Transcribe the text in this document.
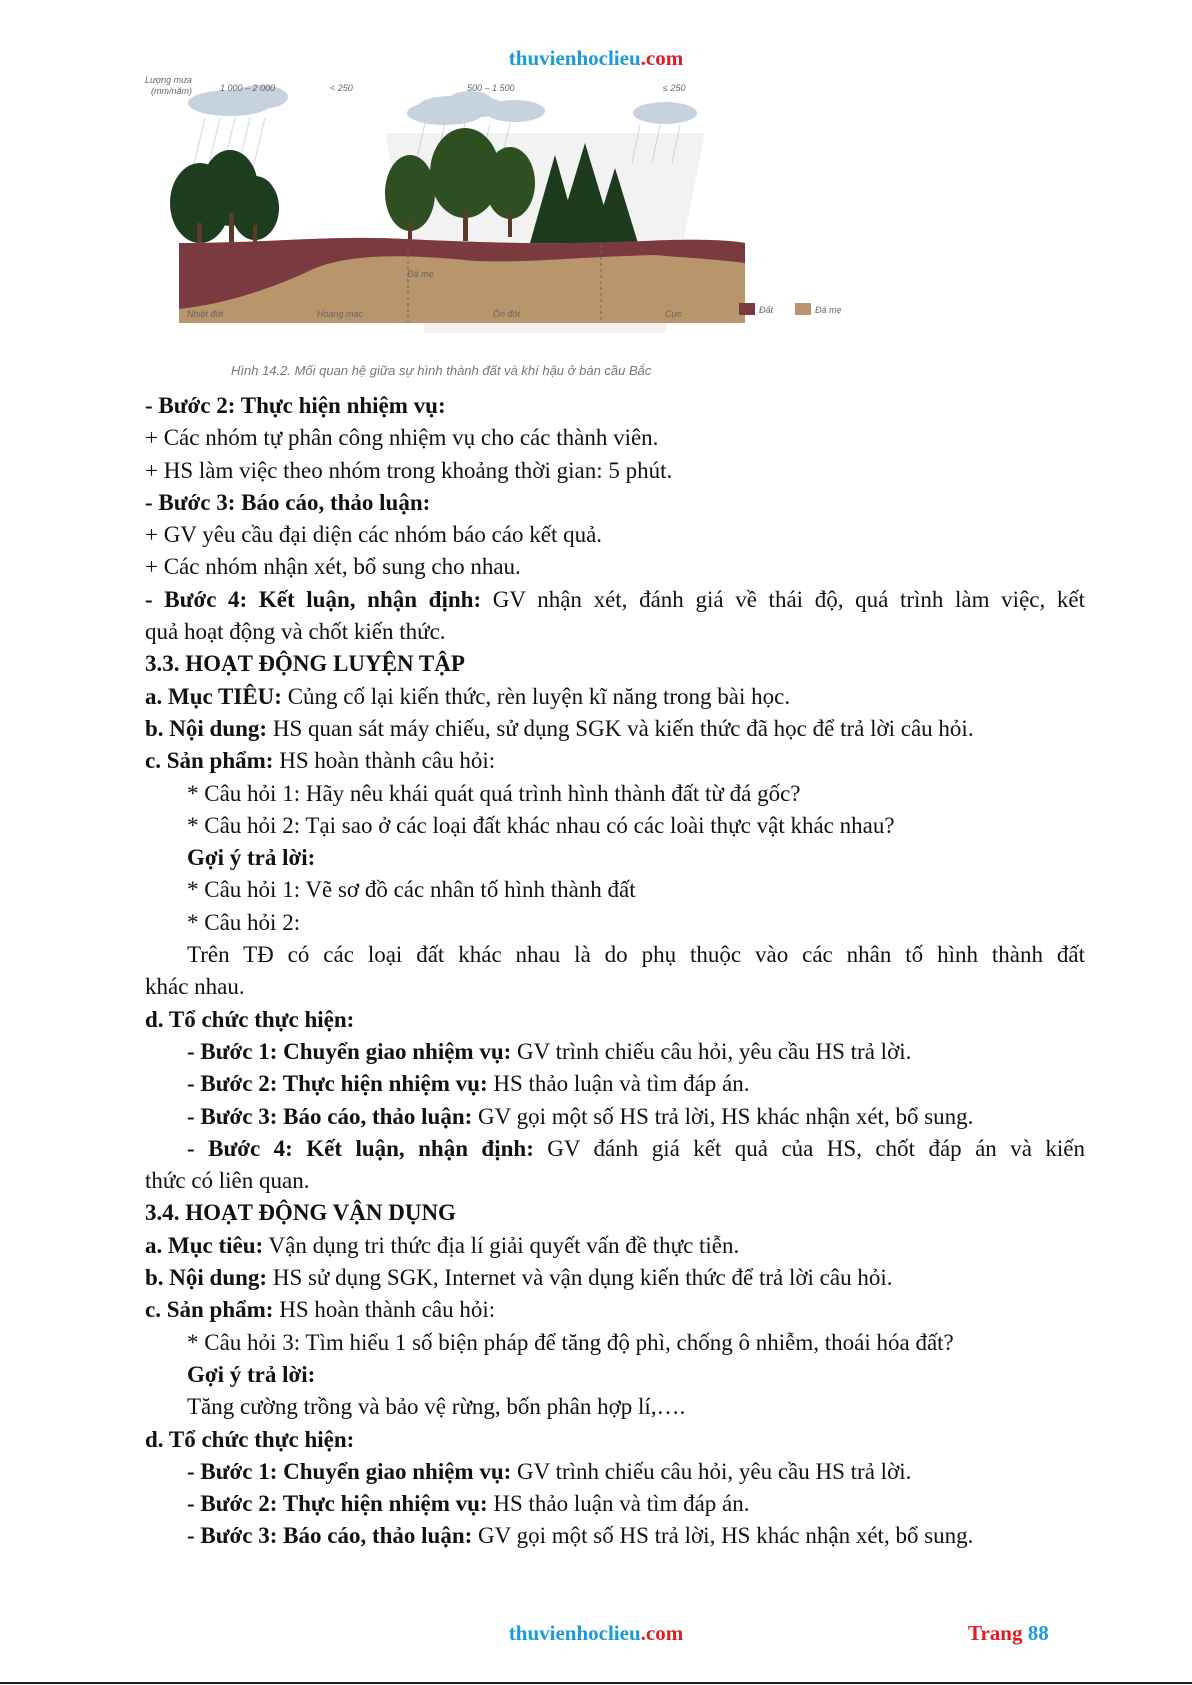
thuvienhoclieu.com
Lượng mưa
(mm/năm)	1 000 – 2 000	< 250	500 – 1 500	≤ 250
Đá mẹ
Nhiệt đới	Hoang mạc	Ôn đới	Cực	Đất	Đá mẹ
Hình 14.2. Mối quan hệ giữa sự hình thành đất và khí hậu ở bán cầu Bắc

- Bước 2: Thực hiện nhiệm vụ:

+ Các nhóm tự phân công nhiệm vụ cho các thành viên.

+ HS làm việc theo nhóm trong khoảng thời gian: 5 phút.

- Bước 3: Báo cáo, thảo luận:

+ GV yêu cầu đại diện các nhóm báo cáo kết quả.

+ Các nhóm nhận xét, bổ sung cho nhau.

- Bước 4: Kết luận, nhận định: GV nhận xét, đánh giá về thái độ, quá trình làm việc, kết

quả hoạt động và chốt kiến thức.

3.3. HOẠT ĐỘNG LUYỆN TẬP

a. Mục TIÊU: Củng cố lại kiến thức, rèn luyện kĩ năng trong bài học.

b. Nội dung: HS quan sát máy chiếu, sử dụng SGK và kiến thức đã học để trả lời câu hỏi.

c. Sản phẩm: HS hoàn thành câu hỏi:

* Câu hỏi 1: Hãy nêu khái quát quá trình hình thành đất từ đá gốc?

* Câu hỏi 2: Tại sao ở các loại đất khác nhau có các loài thực vật khác nhau?

Gợi ý trả lời:

* Câu hỏi 1: Vẽ sơ đồ các nhân tố hình thành đất

* Câu hỏi 2:

Trên TĐ có các loại đất khác nhau là do phụ thuộc vào các nhân tố hình thành đất

khác nhau.

d. Tổ chức thực hiện:

- Bước 1: Chuyển giao nhiệm vụ: GV trình chiếu câu hỏi, yêu cầu HS trả lời.

- Bước 2: Thực hiện nhiệm vụ: HS thảo luận và tìm đáp án.

- Bước 3: Báo cáo, thảo luận: GV gọi một số HS trả lời, HS khác nhận xét, bổ sung.

- Bước 4: Kết luận, nhận định: GV đánh giá kết quả của HS, chốt đáp án và kiến

thức có liên quan.

3.4. HOẠT ĐỘNG VẬN DỤNG

a. Mục tiêu: Vận dụng tri thức địa lí giải quyết vấn đề thực tiễn.

b. Nội dung: HS sử dụng SGK, Internet và vận dụng kiến thức để trả lời câu hỏi.

c. Sản phẩm: HS hoàn thành câu hỏi:

* Câu hỏi 3: Tìm hiểu 1 số biện pháp để tăng độ phì, chống ô nhiễm, thoái hóa đất?

Gợi ý trả lời:

Tăng cường trồng và bảo vệ rừng, bốn phân hợp lí,….

d. Tổ chức thực hiện:

- Bước 1: Chuyển giao nhiệm vụ: GV trình chiếu câu hỏi, yêu cầu HS trả lời.

- Bước 2: Thực hiện nhiệm vụ: HS thảo luận và tìm đáp án.

- Bước 3: Báo cáo, thảo luận: GV gọi một số HS trả lời, HS khác nhận xét, bổ sung.

thuvienhoclieu.com	Trang 88
